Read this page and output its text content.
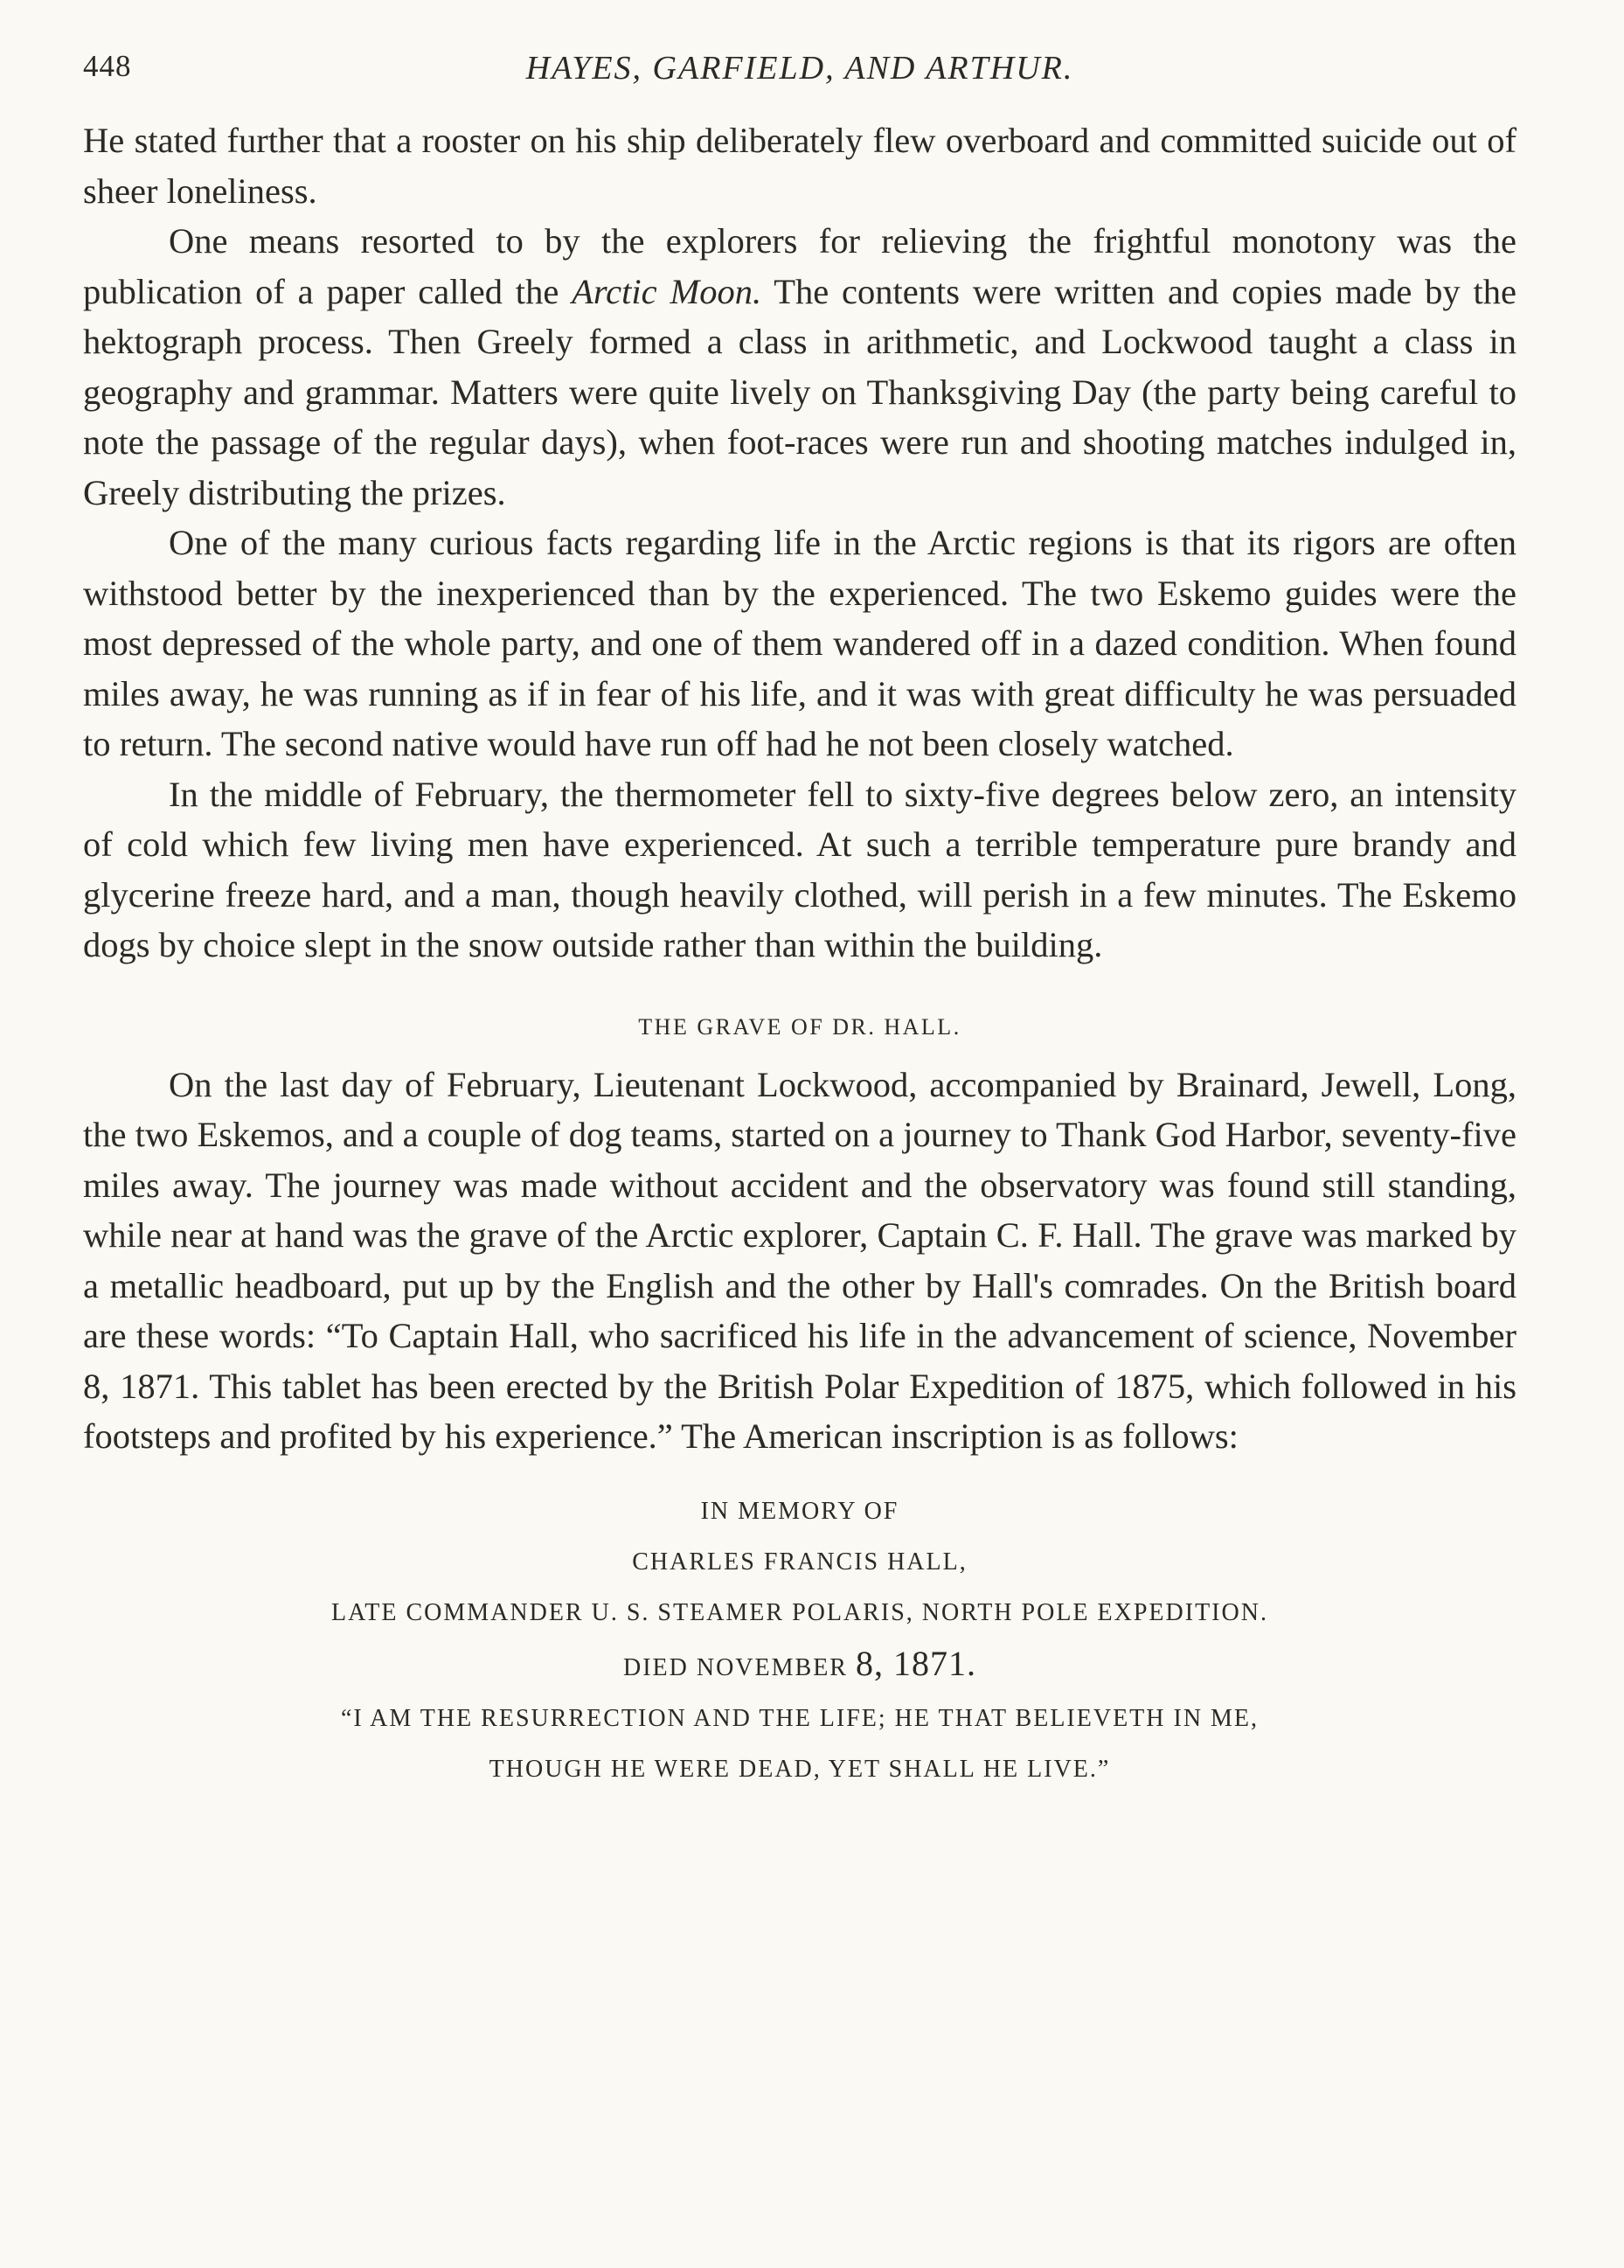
448	HAYES, GARFIELD, AND ARTHUR.

He stated further that a rooster on his ship deliberately flew overboard and committed suicide out of sheer loneliness.

One means resorted to by the explorers for relieving the frightful monotony was the publication of a paper called the Arctic Moon. The contents were written and copies made by the hektograph process. Then Greely formed a class in arithmetic, and Lockwood taught a class in geography and grammar. Matters were quite lively on Thanksgiving Day (the party being careful to note the passage of the regular days), when foot-races were run and shooting matches indulged in, Greely distributing the prizes.

One of the many curious facts regarding life in the Arctic regions is that its rigors are often withstood better by the inexperienced than by the experienced. The two Eskemo guides were the most depressed of the whole party, and one of them wandered off in a dazed condition. When found miles away, he was running as if in fear of his life, and it was with great difficulty he was persuaded to return. The second native would have run off had he not been closely watched.

In the middle of February, the thermometer fell to sixty-five degrees below zero, an intensity of cold which few living men have experienced. At such a terrible temperature pure brandy and glycerine freeze hard, and a man, though heavily clothed, will perish in a few minutes. The Eskemo dogs by choice slept in the snow outside rather than within the building.

THE GRAVE OF DR. HALL.

On the last day of February, Lieutenant Lockwood, accompanied by Brainard, Jewell, Long, the two Eskemos, and a couple of dog teams, started on a journey to Thank God Harbor, seventy-five miles away. The journey was made without accident and the observatory was found still standing, while near at hand was the grave of the Arctic explorer, Captain C. F. Hall. The grave was marked by a metallic headboard, put up by the English and the other by Hall's comrades. On the British board are these words: “To Captain Hall, who sacrificed his life in the advancement of science, November 8, 1871. This tablet has been erected by the British Polar Expedition of 1875, which followed in his footsteps and profited by his experience.” The American inscription is as follows:

IN MEMORY OF
CHARLES FRANCIS HALL,
LATE COMMANDER U. S. STEAMER POLARIS, NORTH POLE EXPEDITION.
DIED NOVEMBER 8, 1871.
“I AM THE RESURRECTION AND THE LIFE; HE THAT BELIEVETH IN ME,
THOUGH HE WERE DEAD, YET SHALL HE LIVE.”
